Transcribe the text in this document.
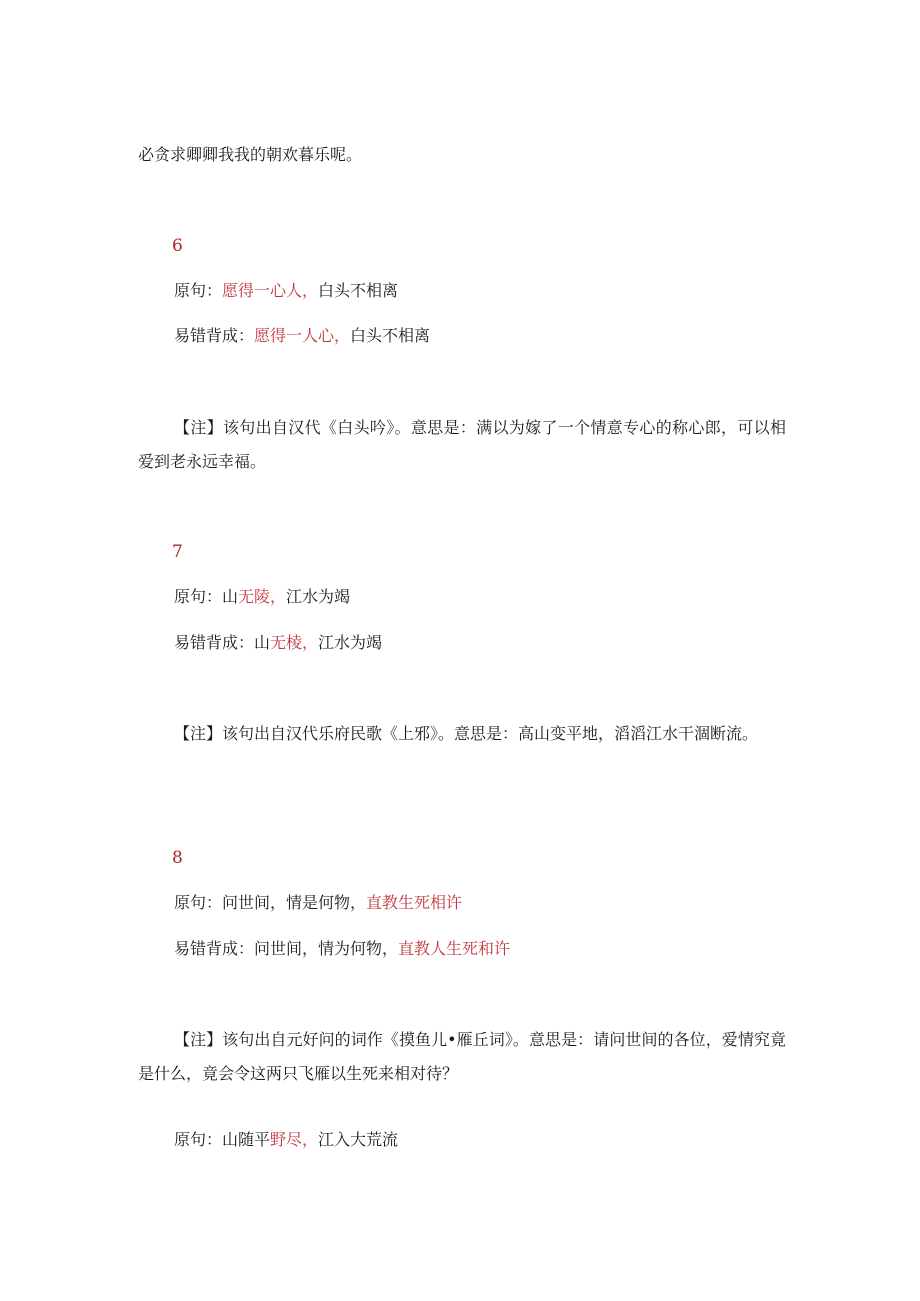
必贪求卿卿我我的朝欢暮乐呢。
6
原句：愿得一心人，白头不相离
易错背成：愿得一人心，白头不相离
【注】该句出自汉代《白头吟》。意思是：满以为嫁了一个情意专心的称心郎，可以相爱到老永远幸福。
7
原句：山无陵，江水为竭
易错背成：山无棱，江水为竭
【注】该句出自汉代乐府民歌《上邪》。意思是：高山变平地，滔滔江水干涸断流。
8
原句：问世间，情是何物，直教生死相许
易错背成：问世间，情为何物，直教人生死和许
【注】该句出自元好问的词作《摸鱼儿•雁丘词》。意思是：请问世间的各位，爱情究竟是什么，竟会令这两只飞雁以生死来相对待？
原句：山随平野尽，江入大荒流
